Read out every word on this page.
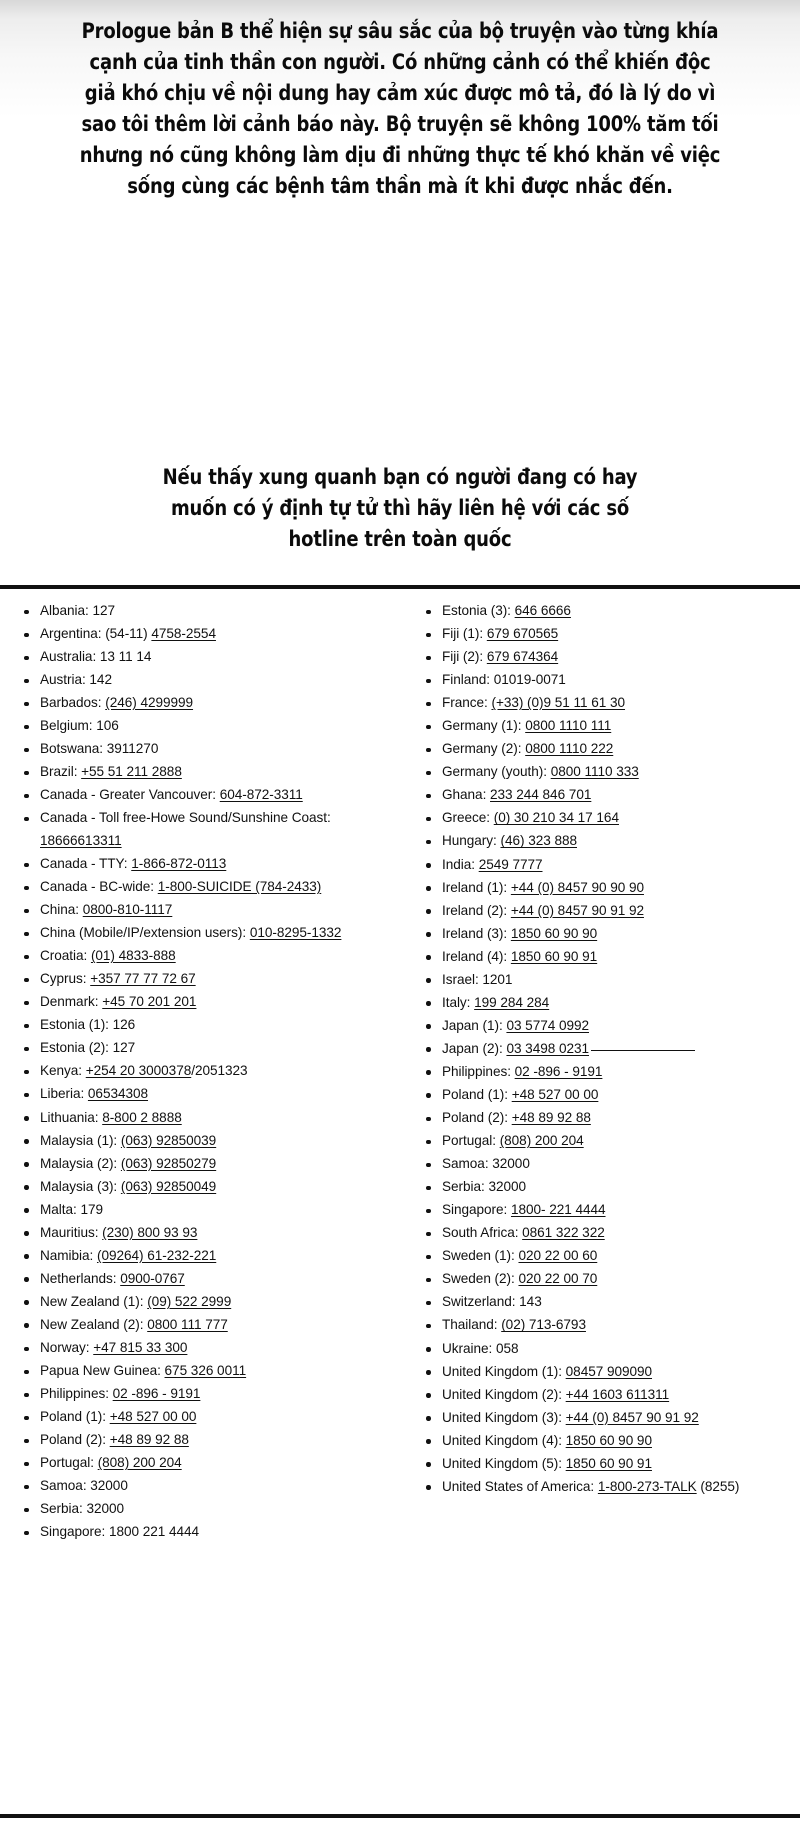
Prologue bản B thể hiện sự sâu sắc của bộ truyện vào từng khía cạnh của tinh thần con người. Có những cảnh có thể khiến độc giả khó chịu về nội dung hay cảm xúc được mô tả, đó là lý do vì sao tôi thêm lời cảnh báo này. Bộ truyện sẽ không 100% tăm tối nhưng nó cũng không làm dịu đi những thực tế khó khăn về việc sống cùng các bệnh tâm thần mà ít khi được nhắc đến.

Nếu thấy xung quanh bạn có người đang có hay muốn có ý định tự tử thì hãy liên hệ với các số hotline trên toàn quốc

Albania: 127
Argentina: (54-11) 4758-2554
Australia: 13 11 14
Austria: 142
Barbados: (246) 4299999
Belgium: 106
Botswana: 3911270
Brazil: +55 51 211 2888
Canada - Greater Vancouver: 604-872-3311
Canada - Toll free-Howe Sound/Sunshine Coast: 18666613311
Canada - TTY: 1-866-872-0113
Canada - BC-wide: 1-800-SUICIDE (784-2433)
China: 0800-810-1117
China (Mobile/IP/extension users): 010-8295-1332
Croatia: (01) 4833-888
Cyprus: +357 77 77 72 67
Denmark: +45 70 201 201
Estonia (1): 126
Estonia (2): 127
Kenya: +254 20 3000378/2051323
Liberia: 06534308
Lithuania: 8-800 2 8888
Malaysia (1): (063) 92850039
Malaysia (2): (063) 92850279
Malaysia (3): (063) 92850049
Malta: 179
Mauritius: (230) 800 93 93
Namibia: (09264) 61-232-221
Netherlands: 0900-0767
New Zealand (1): (09) 522 2999
New Zealand (2): 0800 111 777
Norway: +47 815 33 300
Papua New Guinea: 675 326 0011
Philippines: 02 -896 - 9191
Poland (1): +48 527 00 00
Poland (2): +48 89 92 88
Portugal: (808) 200 204
Samoa: 32000
Serbia: 32000
Singapore: 1800 221 4444
Estonia (3): 646 6666
Fiji (1): 679 670565
Fiji (2): 679 674364
Finland: 01019-0071
France: (+33) (0)9 51 11 61 30
Germany (1): 0800 1110 111
Germany (2): 0800 1110 222
Germany (youth): 0800 1110 333
Ghana: 233 244 846 701
Greece: (0) 30 210 34 17 164
Hungary: (46) 323 888
India: 2549 7777
Ireland (1): +44 (0) 8457 90 90 90
Ireland (2): +44 (0) 8457 90 91 92
Ireland (3): 1850 60 90 90
Ireland (4): 1850 60 90 91
Israel: 1201
Italy: 199 284 284
Japan (1): 03 5774 0992
Japan (2): 03 3498 0231
Philippines: 02 -896 - 9191
Poland (1): +48 527 00 00
Poland (2): +48 89 92 88
Portugal: (808) 200 204
Samoa: 32000
Serbia: 32000
Singapore: 1800- 221 4444
South Africa: 0861 322 322
Sweden (1): 020 22 00 60
Sweden (2): 020 22 00 70
Switzerland: 143
Thailand: (02) 713-6793
Ukraine: 058
United Kingdom (1): 08457 909090
United Kingdom (2): +44 1603 611311
United Kingdom (3): +44 (0) 8457 90 91 92
United Kingdom (4): 1850 60 90 90
United Kingdom (5): 1850 60 90 91
United States of America: 1-800-273-TALK (8255)
